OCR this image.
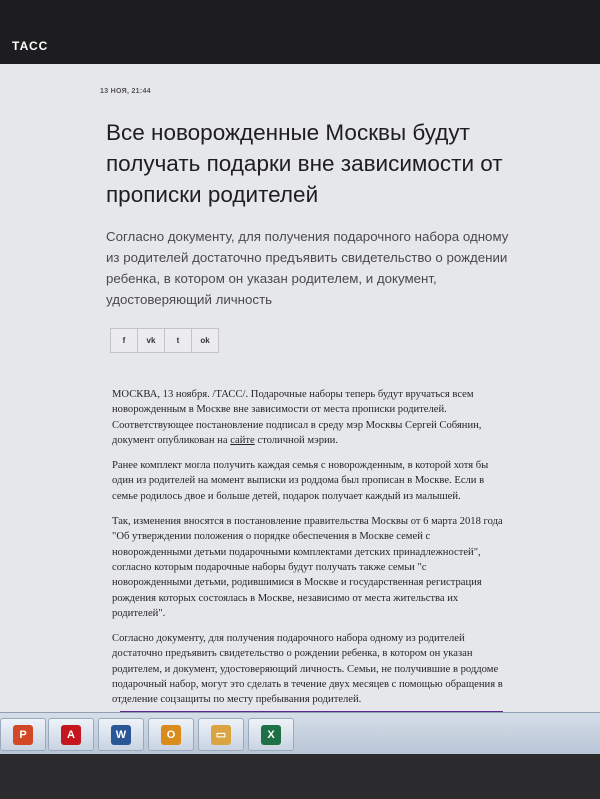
ТАСС
13 НОЯ, 21:44
Все новорожденные Москвы будут получать подарки вне зависимости от прописки родителей
Согласно документу, для получения подарочного набора одному из родителей достаточно предъявить свидетельство о рождении ребенка, в котором он указан родителем, и документ, удостоверяющий личность
f	vk	t	ok

МОСКВА, 13 ноября. /ТАСС/. Подарочные наборы теперь будут вручаться всем новорожденным в Москве вне зависимости от места прописки родителей. Соответствующее постановление подписал в среду мэр Москвы Сергей Собянин, документ опубликован на сайте столичной мэрии.

Ранее комплект могла получить каждая семья с новорожденным, в которой хотя бы один из родителей на момент выписки из роддома был прописан в Москве. Если в семье родилось двое и больше детей, подарок получает каждый из малышей.

Так, изменения вносятся в постановление правительства Москвы от 6 марта 2018 года "Об утверждении положения о порядке обеспечения в Москве семей с новорожденными детьми подарочными комплектами детских принадлежностей", согласно которым подарочные наборы будут получать также семьи "с новорожденными детьми, родившимися в Москве и государственная регистрация рождения которых состоялась в Москве, независимо от места жительства их родителей".

Согласно документу, для получения подарочного набора одному из родителей достаточно предъявить свидетельство о рождении ребенка, в котором он указан родителем, и документ, удостоверяющий личность. Семьи, не получившие в роддоме подарочный набор, могут это сделать в течение двух месяцев с помощью обращения в отделение соцзащиты по месту пребывания родителей.

P	A	W	O	▭	X
